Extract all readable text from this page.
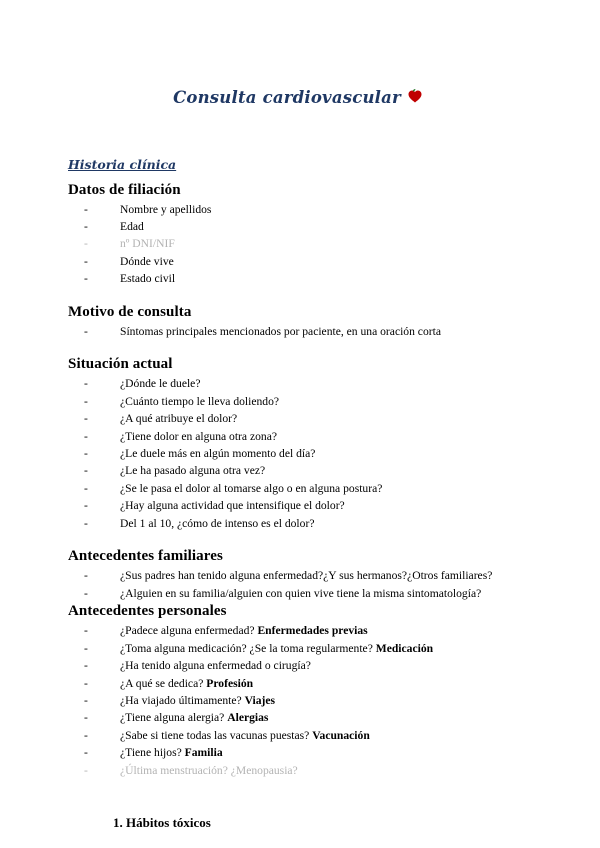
Consulta cardiovascular
Historia clínica
Datos de filiación
-	Nombre y apellidos
-	Edad
-	nº DNI/NIF
-	Dónde vive
-	Estado civil
Motivo de consulta
-	Síntomas principales mencionados por paciente, en una oración corta
Situación actual
-	¿Dónde le duele?
-	¿Cuánto tiempo le lleva doliendo?
-	¿A qué atribuye el dolor?
-	¿Tiene dolor en alguna otra zona?
-	¿Le duele más en algún momento del día?
-	¿Le ha pasado alguna otra vez?
-	¿Se le pasa el dolor al tomarse algo o en alguna postura?
-	¿Hay alguna actividad que intensifique el dolor?
-	Del 1 al 10, ¿cómo de intenso es el dolor?
Antecedentes familiares
-	¿Sus padres han tenido alguna enfermedad?¿Y sus hermanos?¿Otros familiares?
-	¿Alguien en su familia/alguien con quien vive tiene la misma sintomatología?
Antecedentes personales
-	¿Padece alguna enfermedad? Enfermedades previas
-	¿Toma alguna medicación? ¿Se la toma regularmente? Medicación
-	¿Ha tenido alguna enfermedad o cirugía?
-	¿A qué se dedica? Profesión
-	¿Ha viajado últimamente? Viajes
-	¿Tiene alguna alergia? Alergias
-	¿Sabe si tiene todas las vacunas puestas? Vacunación
-	¿Tiene hijos? Familia
-	¿Última menstruación? ¿Menopausia?
1. Hábitos tóxicos
